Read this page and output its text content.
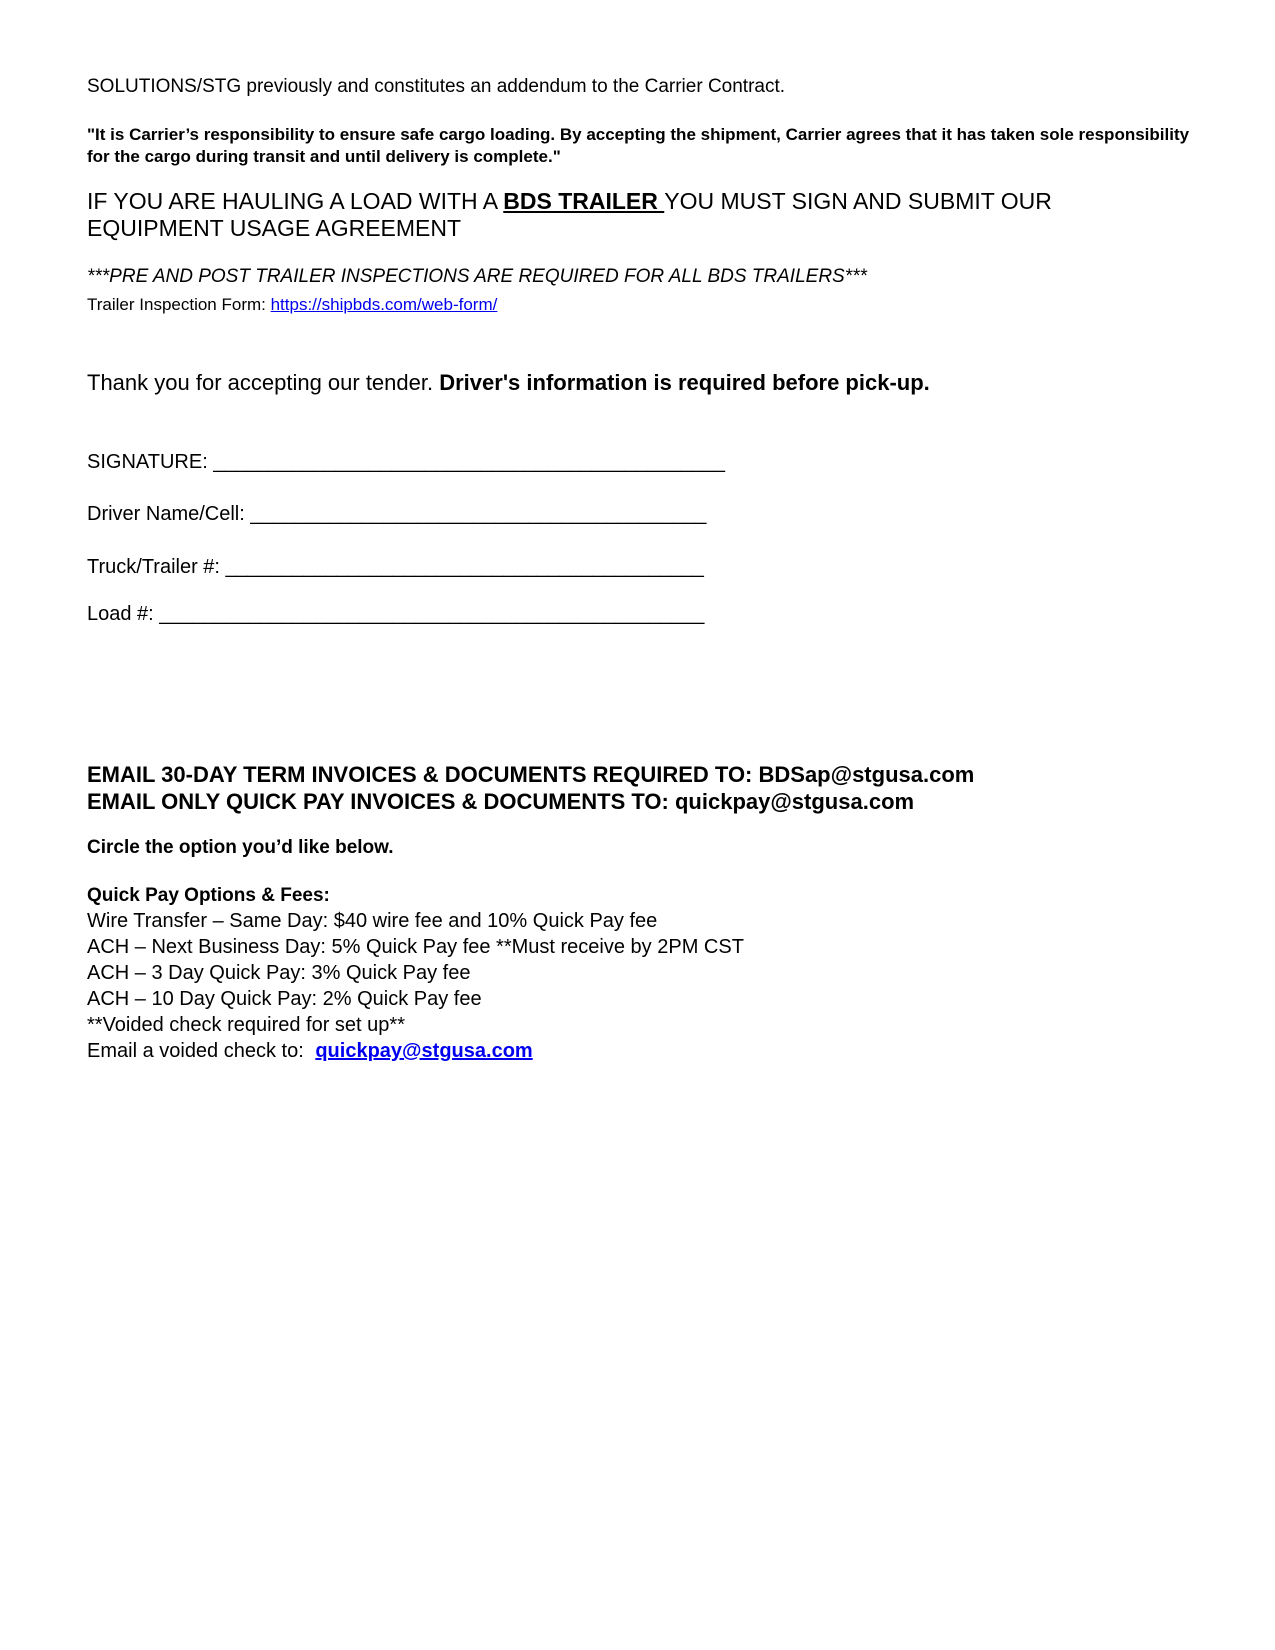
SOLUTIONS/STG previously and constitutes an addendum to the Carrier Contract.
"It is Carrier’s responsibility to ensure safe cargo loading. By accepting the shipment, Carrier agrees that it has taken sole responsibility for the cargo during transit and until delivery is complete."
IF YOU ARE HAULING A LOAD WITH A BDS TRAILER YOU MUST SIGN AND SUBMIT OUR EQUIPMENT USAGE AGREEMENT
***PRE AND POST TRAILER INSPECTIONS ARE REQUIRED FOR ALL BDS TRAILERS***
Trailer Inspection Form: https://shipbds.com/web-form/
Thank you for accepting our tender. Driver's information is required before pick-up.
SIGNATURE: ______________________________________________
Driver Name/Cell: _________________________________________
Truck/Trailer #: ___________________________________________
Load #: _________________________________________________
EMAIL 30-DAY TERM INVOICES & DOCUMENTS REQUIRED TO: BDSap@stgusa.com
EMAIL ONLY QUICK PAY INVOICES & DOCUMENTS TO: quickpay@stgusa.com
Circle the option you’d like below.
Quick Pay Options & Fees:
Wire Transfer – Same Day: $40 wire fee and 10% Quick Pay fee
ACH – Next Business Day: 5% Quick Pay fee **Must receive by 2PM CST
ACH – 3 Day Quick Pay: 3% Quick Pay fee
ACH – 10 Day Quick Pay: 2% Quick Pay fee
**Voided check required for set up**
Email a voided check to: quickpay@stgusa.com
